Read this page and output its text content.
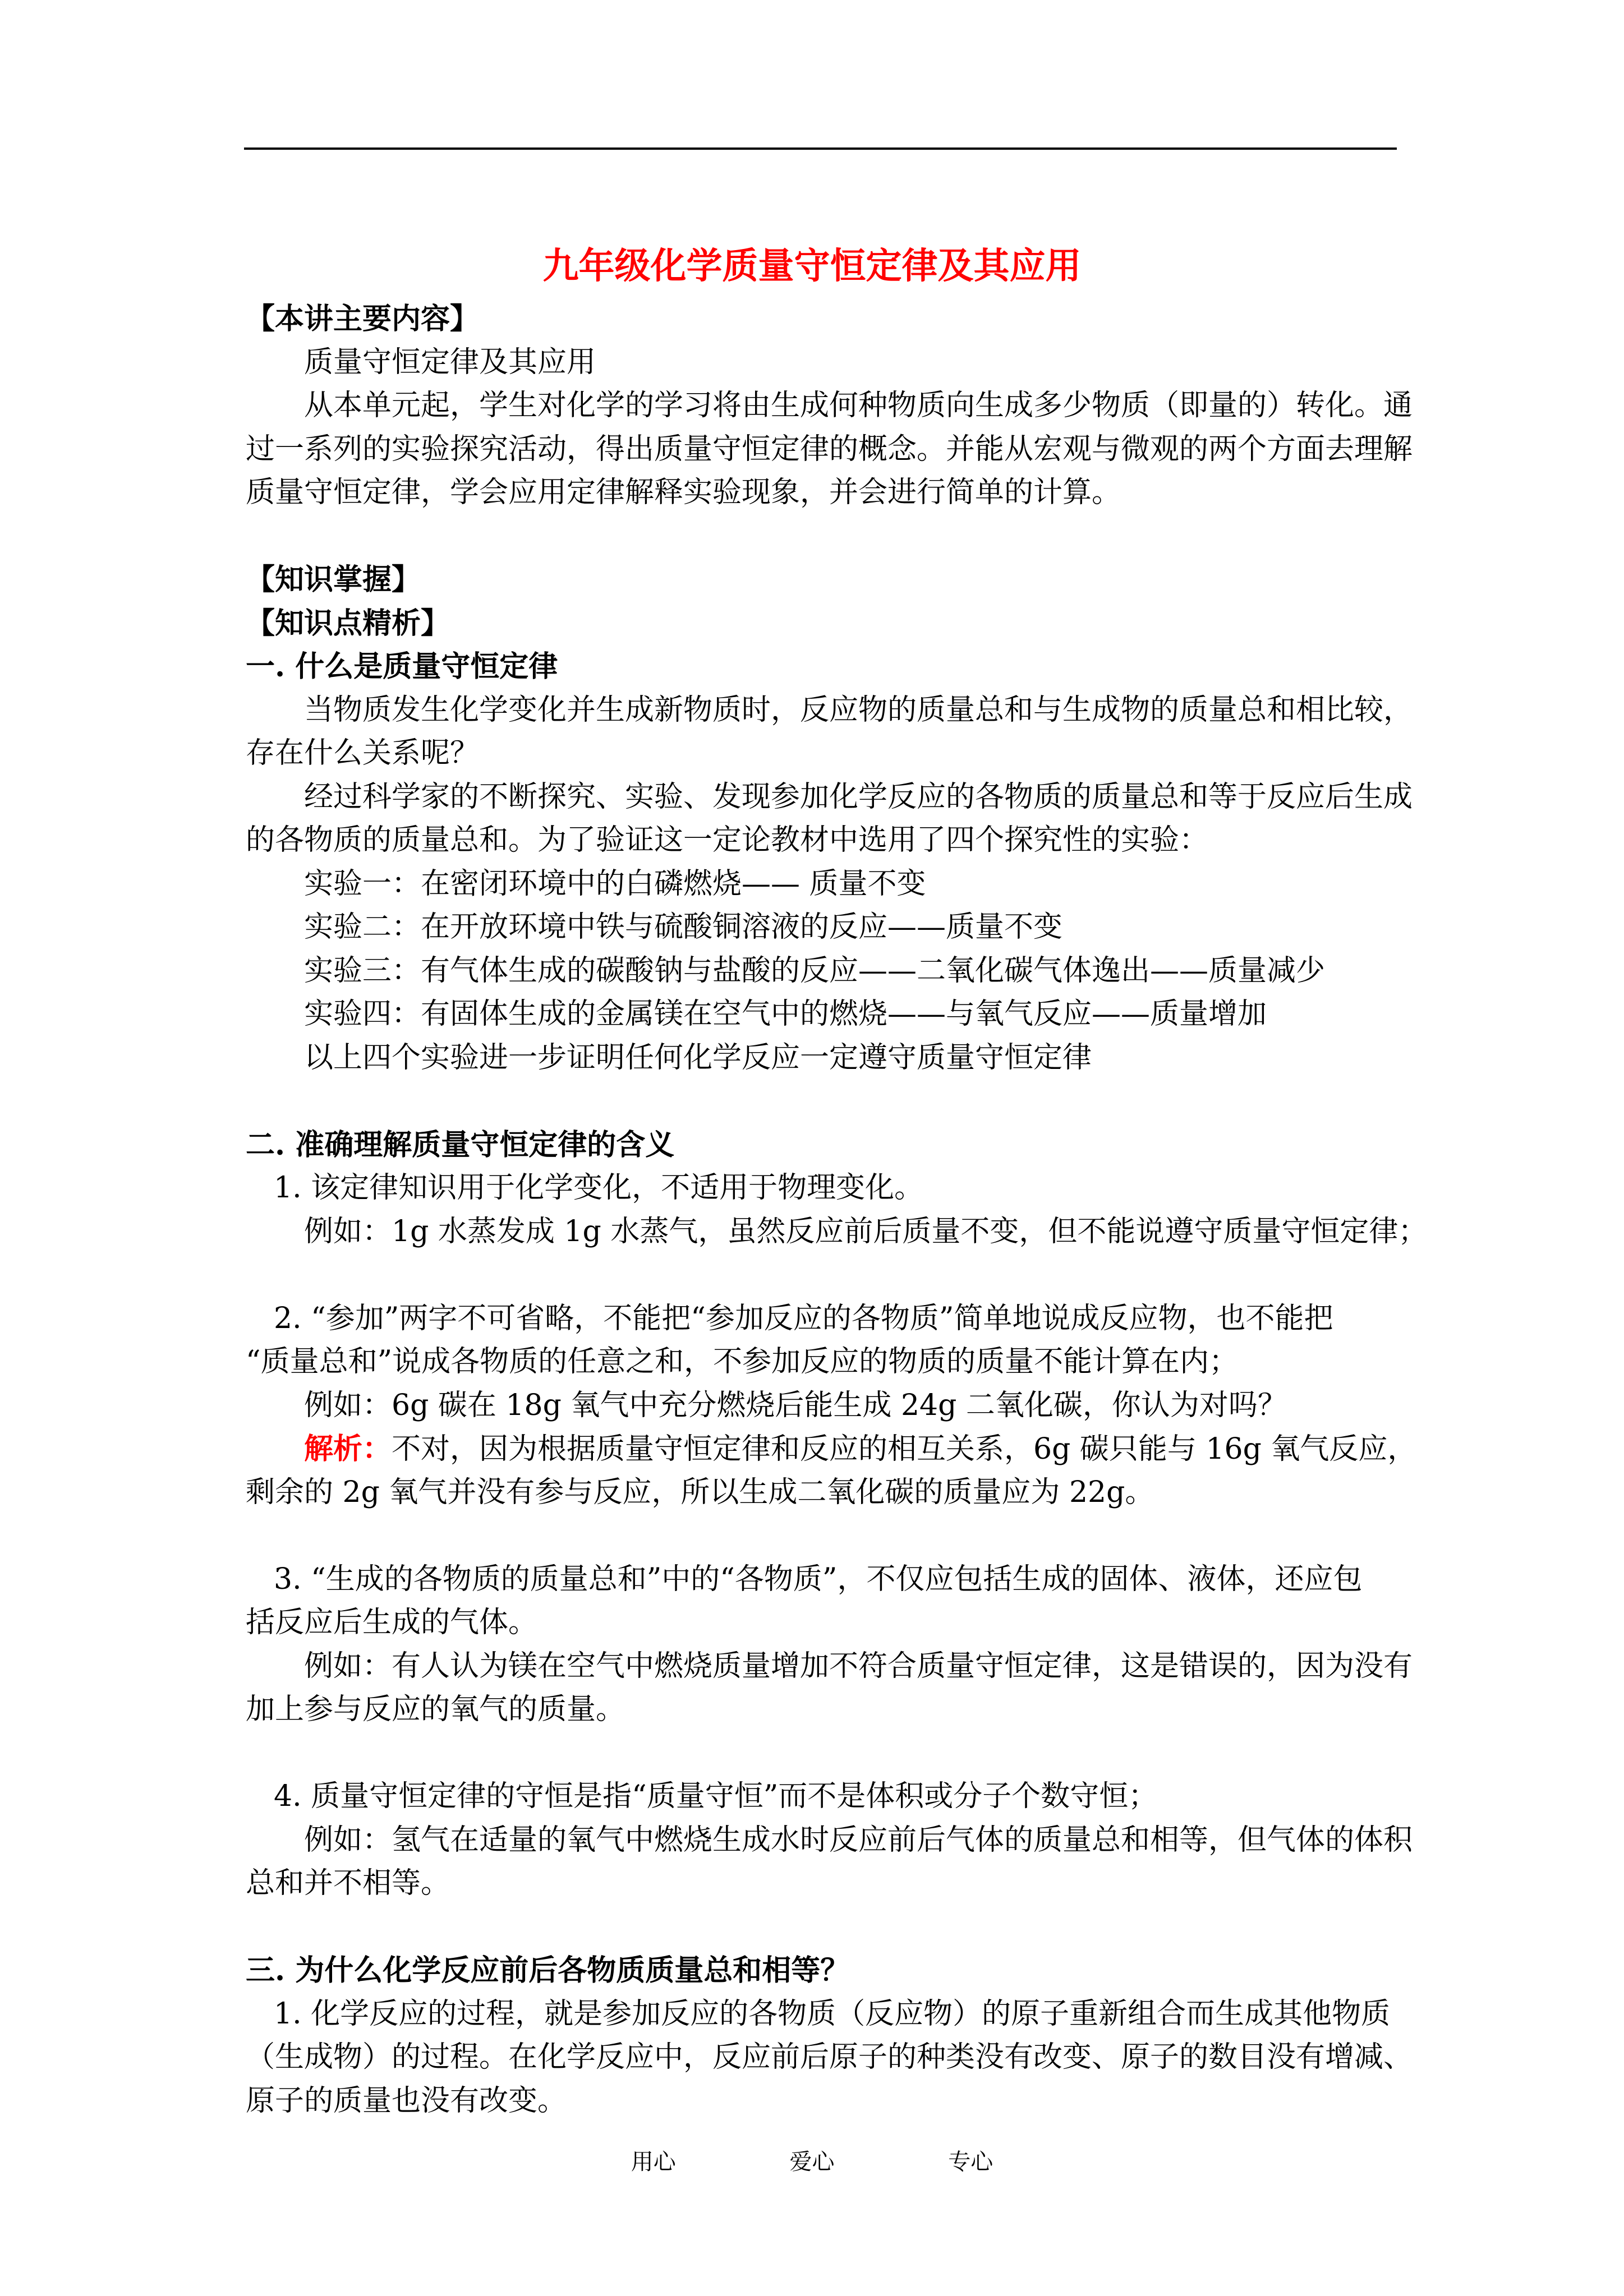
九年级化学质量守恒定律及其应用
【本讲主要内容】
质量守恒定律及其应用
从本单元起，学生对化学的学习将由生成何种物质向生成多少物质（即量的）转化。通
过一系列的实验探究活动，得出质量守恒定律的概念。并能从宏观与微观的两个方面去理解
质量守恒定律，学会应用定律解释实验现象，并会进行简单的计算。
【知识掌握】
【知识点精析】
一. 什么是质量守恒定律
当物质发生化学变化并生成新物质时，反应物的质量总和与生成物的质量总和相比较，
存在什么关系呢？
经过科学家的不断探究、实验、发现参加化学反应的各物质的质量总和等于反应后生成
的各物质的质量总和。为了验证这一定论教材中选用了四个探究性的实验：
实验一：在密闭环境中的白磷燃烧—— 质量不变
实验二：在开放环境中铁与硫酸铜溶液的反应——质量不变
实验三：有气体生成的碳酸钠与盐酸的反应——二氧化碳气体逸出——质量减少
实验四：有固体生成的金属镁在空气中的燃烧——与氧气反应——质量增加
以上四个实验进一步证明任何化学反应一定遵守质量守恒定律
二. 准确理解质量守恒定律的含义
1. 该定律知识用于化学变化，不适用于物理变化。
例如：1g 水蒸发成 1g 水蒸气，虽然反应前后质量不变，但不能说遵守质量守恒定律；
2. “参加”两字不可省略，不能把“参加反应的各物质”简单地说成反应物，也不能把
“质量总和”说成各物质的任意之和，不参加反应的物质的质量不能计算在内；
例如：6g 碳在 18g 氧气中充分燃烧后能生成 24g 二氧化碳，你认为对吗？
解析：不对，因为根据质量守恒定律和反应的相互关系，6g 碳只能与 16g 氧气反应，
剩余的 2g 氧气并没有参与反应，所以生成二氧化碳的质量应为 22g。
3. “生成的各物质的质量总和”中的“各物质”，不仅应包括生成的固体、液体，还应包
括反应后生成的气体。
例如：有人认为镁在空气中燃烧质量增加不符合质量守恒定律，这是错误的，因为没有
加上参与反应的氧气的质量。
4. 质量守恒定律的守恒是指“质量守恒”而不是体积或分子个数守恒；
例如：氢气在适量的氧气中燃烧生成水时反应前后气体的质量总和相等，但气体的体积
总和并不相等。
三. 为什么化学反应前后各物质质量总和相等？
1. 化学反应的过程，就是参加反应的各物质（反应物）的原子重新组合而生成其他物质
（生成物）的过程。在化学反应中，反应前后原子的种类没有改变、原子的数目没有增减、
原子的质量也没有改变。
用心	爱心	专心
